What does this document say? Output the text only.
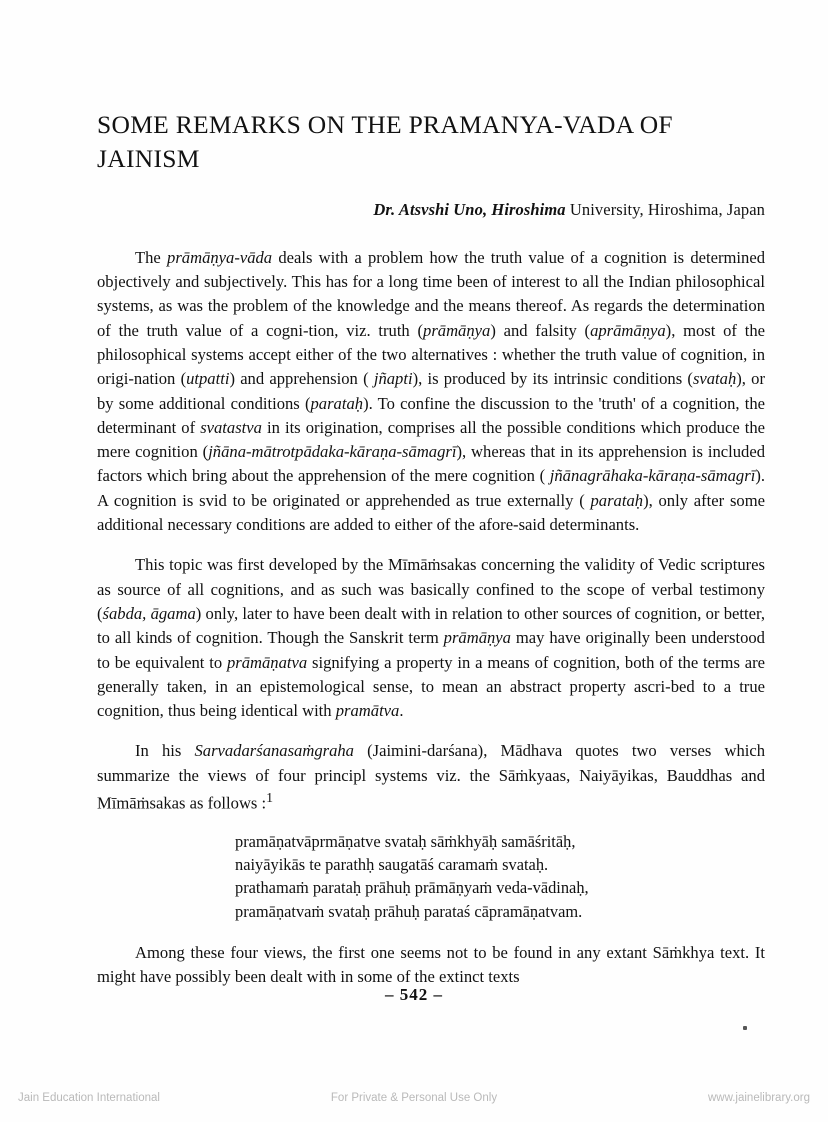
SOME REMARKS ON THE PRAMANYA-VADA OF JAINISM
Dr. Atsvshi Uno, Hiroshima University, Hiroshima, Japan

The prāmāṇya-vāda deals with a problem how the truth value of a cognition is determined objectively and subjectively. This has for a long time been of interest to all the Indian philosophical systems, as was the problem of the knowledge and the means thereof. As regards the determination of the truth value of a cogni-tion, viz. truth (prāmāṇya) and falsity (aprāmāṇya), most of the philosophical systems accept either of the two alternatives : whether the truth value of cognition, in origi-nation (utpatti) and apprehension ( jñapti), is produced by its intrinsic conditions (svataḥ), or by some additional conditions (parataḥ). To confine the discussion to the 'truth' of a cognition, the determinant of svatastva in its origination, comprises all the possible conditions which produce the mere cognition (jñāna-mātrotpādaka-kāraṇa-sāmagrī), whereas that in its apprehension is included factors which bring about the apprehension of the mere cognition ( jñānagrāhaka-kāraṇa-sāmagrī). A cognition is svid to be originated or apprehended as true externally ( parataḥ), only after some additional necessary conditions are added to either of the afore-said determinants.

This topic was first developed by the Mīmāṁsakas concerning the validity of Vedic scriptures as source of all cognitions, and as such was basically confined to the scope of verbal testimony (śabda, āgama) only, later to have been dealt with in relation to other sources of cognition, or better, to all kinds of cognition. Though the Sanskrit term prāmāṇya may have originally been understood to be equivalent to prāmāṇatva signifying a property in a means of cognition, both of the terms are generally taken, in an epistemological sense, to mean an abstract property ascri-bed to a true cognition, thus being identical with pramātva.

In his Sarvadarśanasaṁgraha (Jaimini-darśana), Mādhava quotes two verses which summarize the views of four principl systems viz. the Sāṁkyaas, Naiyāyikas, Bauddhas and Mīmāṁsakas as follows :$^1$

pramāṇatvāprmāṇatve svataḥ sāṁkhyāḥ samāśritāḥ,
naiyāyikās te parathḥ saugatāś caramaṁ svataḥ.
prathamaṁ parataḥ prāhuḥ prāmāṇyaṁ veda-vādinaḥ,
pramāṇatvaṁ svataḥ prāhuḥ parataś cāpramāṇatvam.

Among these four views, the first one seems not to be found in any extant Sāṁkhya text. It might have possibly been dealt with in some of the extinct texts

– 542 –
Jain Education International	For Private & Personal Use Only	www.jainelibrary.org
